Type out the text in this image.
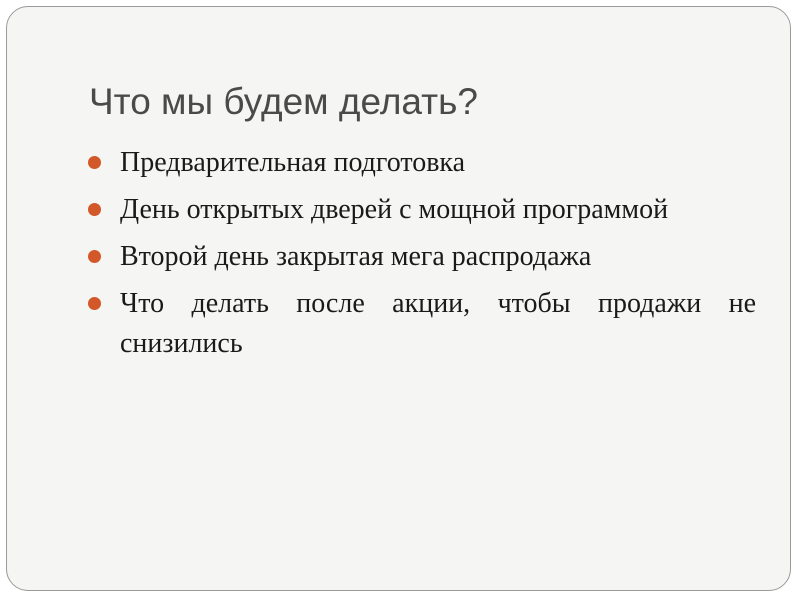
Что мы будем делать?
Предварительная подготовка
День открытых дверей с мощной программой
Второй день закрытая мега распродажа
Что делать после акции, чтобы продажи не снизились
